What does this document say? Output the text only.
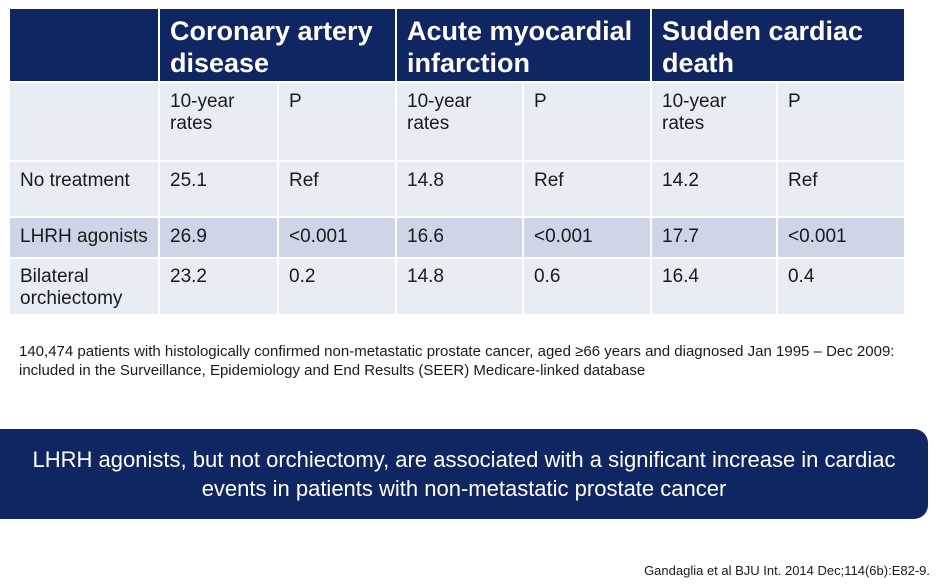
	Coronary artery disease		Acute myocardial infarction		Sudden cardiac death	
	10-year rates	P	10-year rates	P	10-year rates	P
No treatment	25.1	Ref	14.8	Ref	14.2	Ref
LHRH agonists	26.9	<0.001	16.6	<0.001	17.7	<0.001
Bilateral orchiectomy	23.2	0.2	14.8	0.6	16.4	0.4
140,474 patients with histologically confirmed non-metastatic prostate cancer, aged ≥66 years and diagnosed Jan 1995 – Dec 2009: included in the Surveillance, Epidemiology and End Results (SEER) Medicare-linked database
LHRH agonists, but not orchiectomy, are associated with a significant increase in cardiac events in patients with non-metastatic prostate cancer
Gandaglia et al BJU Int. 2014 Dec;114(6b):E82-9.
